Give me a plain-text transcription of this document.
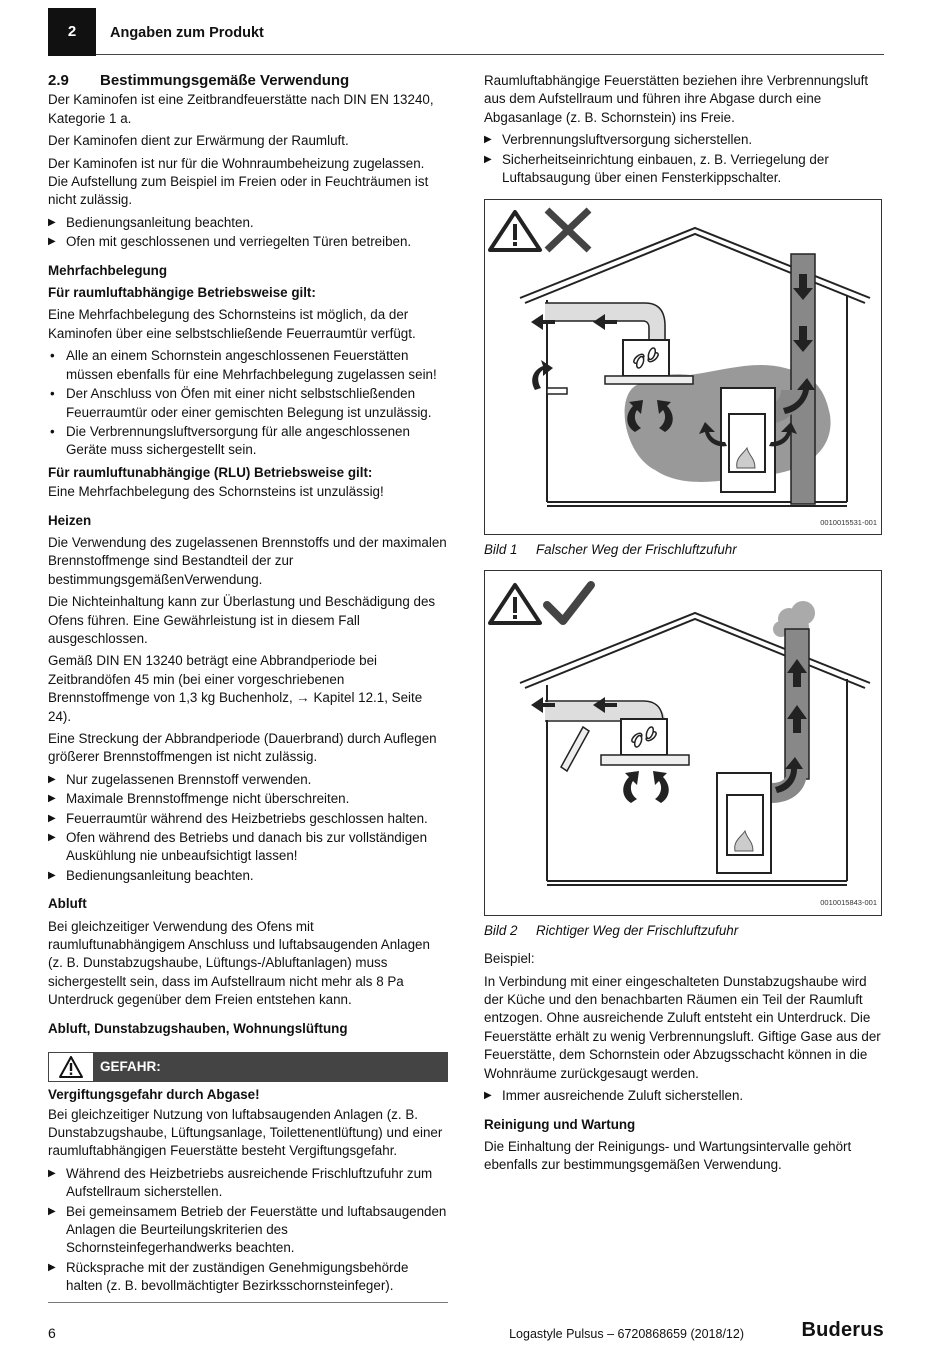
2	Angaben zum Produkt
2.9 Bestimmungsgemäße Verwendung

Der Kaminofen ist eine Zeitbrandfeuerstätte nach DIN EN 13240, Kategorie 1 a.

Der Kaminofen dient zur Erwärmung der Raumluft.

Der Kaminofen ist nur für die Wohnraumbeheizung zugelassen. Die Aufstellung zum Beispiel im Freien oder in Feuchträumen ist nicht zulässig.

▶ Bedienungsanleitung beachten.
▶ Ofen mit geschlossenen und verriegelten Türen betreiben.
Mehrfachbelegung
Für raumluftabhängige Betriebsweise gilt:

Eine Mehrfachbelegung des Schornsteins ist möglich, da der Kaminofen über eine selbstschließende Feuerraumtür verfügt.

• Alle an einem Schornstein angeschlossenen Feuerstätten müssen ebenfalls für eine Mehrfachbelegung zugelassen sein!
• Der Anschluss von Öfen mit einer nicht selbstschließenden Feuerraumtür oder einer gemischten Belegung ist unzulässig.
• Die Verbrennungsluftversorgung für alle angeschlossenen Geräte muss sichergestellt sein.
Für raumluftunabhängige (RLU) Betriebsweise gilt:

Eine Mehrfachbelegung des Schornsteins ist unzulässig!

Heizen

Die Verwendung des zugelassenen Brennstoffs und der maximalen Brennstoffmenge sind Bestandteil der zur bestimmungsgemäßenVerwendung.

Die Nichteinhaltung kann zur Überlastung und Beschädigung des Ofens führen. Eine Gewährleistung ist in diesem Fall ausgeschlossen.

Gemäß DIN EN 13240 beträgt eine Abbrandperiode bei Zeitbrandöfen 45 min (bei einer vorgeschriebenen Brennstoffmenge von 1,3 kg Buchenholz, → Kapitel 12.1, Seite 24).

Eine Streckung der Abbrandperiode (Dauerbrand) durch Auflegen größerer Brennstoffmengen ist nicht zulässig.

▶ Nur zugelassenen Brennstoff verwenden.
▶ Maximale Brennstoffmenge nicht überschreiten.
▶ Feuerraumtür während des Heizbetriebs geschlossen halten.
▶ Ofen während des Betriebs und danach bis zur vollständigen Auskühlung nie unbeaufsichtigt lassen!
▶ Bedienungsanleitung beachten.
Abluft

Bei gleichzeitiger Verwendung des Ofens mit raumluftunabhängigem Anschluss und luftabsaugenden Anlagen (z. B. Dunstabzugshaube, Lüftungs-/Abluftanlagen) muss sichergestellt sein, dass im Aufstellraum nicht mehr als 8 Pa Unterdruck gegenüber dem Freien entstehen kann.

Abluft, Dunstabzugshauben, Wohnungslüftung
GEFAHR:
Vergiftungsgefahr durch Abgase!

Bei gleichzeitiger Nutzung von luftabsaugenden Anlagen (z. B. Dunstabzugshaube, Lüftungsanlage, Toilettenentlüftung) und einer raumluftabhängigen Feuerstätte besteht Vergiftungsgefahr.

▶ Während des Heizbetriebs ausreichende Frischluftzufuhr zum Aufstellraum sicherstellen.
▶ Bei gemeinsamem Betrieb der Feuerstätte und luftabsaugenden Anlagen die Beurteilungskriterien des Schornsteinfegerhandwerks beachten.
▶ Rücksprache mit der zuständigen Genehmigungsbehörde halten (z. B. bevollmächtigter Bezirksschornsteinfeger).

Raumluftabhängige Feuerstätten beziehen ihre Verbrennungsluft aus dem Aufstellraum und führen ihre Abgase durch eine Abgasanlage (z. B. Schornstein) ins Freie.

▶ Verbrennungsluftversorgung sicherstellen.
▶ Sicherheitseinrichtung einbauen, z. B. Verriegelung der Luftabsaugung über einen Fensterkippschalter.
0010015531-001
Bild 1 Falscher Weg der Frischluftzufuhr
0010015843-001
Bild 2 Richtiger Weg der Frischluftzufuhr

Beispiel:

In Verbindung mit einer eingeschalteten Dunstabzugshaube wird der Küche und den benachbarten Räumen ein Teil der Raumluft entzogen. Ohne ausreichende Zuluft entsteht ein Unterdruck. Die Feuerstätte erhält zu wenig Verbrennungsluft. Giftige Gase aus der Feuerstätte, dem Schornstein oder Abzugsschacht können in die Wohnräume zurückgesaugt werden.

▶ Immer ausreichende Zuluft sicherstellen.
Reinigung und Wartung

Die Einhaltung der Reinigungs- und Wartungsintervalle gehört ebenfalls zur bestimmungsgemäßen Verwendung.

6	Logastyle Pulsus – 6720868659 (2018/12)	Buderus
